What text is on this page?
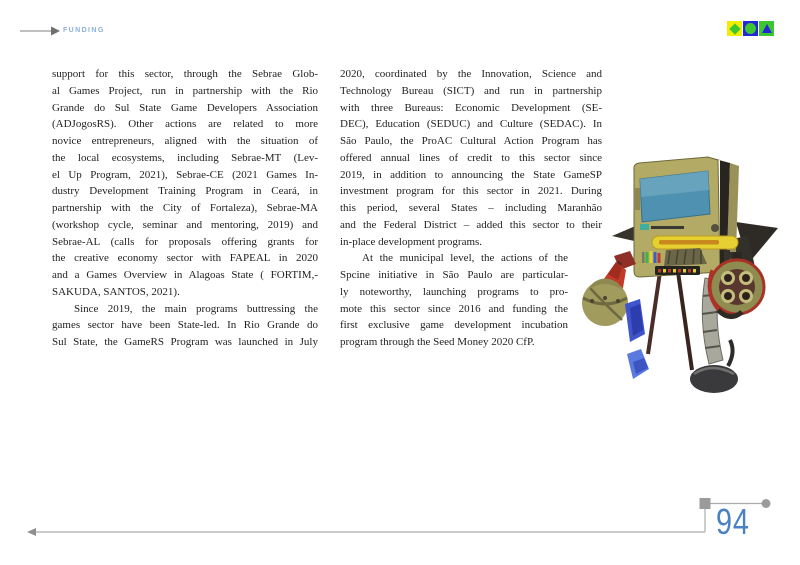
FUNDING
support for this sector, through the Sebrae Glob-
al Games Project, run in partnership with the Rio
Grande do Sul State Game Developers Association
(ADJogosRS). Other actions are related to more
novice entrepreneurs, aligned with the situation of
the local ecosystems, including Sebrae-MT (Lev-
el Up Program, 2021), Sebrae-CE (2021 Games In-
dustry Development Training Program in Ceará, in
partnership with the City of Fortaleza), Sebrae-MA
(workshop cycle, seminar and mentoring, 2019) and
Sebrae-AL (calls for proposals offering grants for
the creative economy sector with FAPEAL in 2020
and a Games Overview in Alagoas State ( FORTIM,-
SAKUDA, SANTOS, 2021).
Since 2019, the main programs buttressing the
games sector have been State-led. In Rio Grande do
Sul State, the GameRS Program was launched in July
2020, coordinated by the Innovation, Science and
Technology Bureau (SICT) and run in partnership
with three Bureaus: Economic Development (SE-
DEC), Education (SEDUC) and Culture (SEDAC). In
São Paulo, the ProAC Cultural Action Program has
offered annual lines of credit to this sector since
2019, in addition to announcing the State GameSP
investment program for this sector in 2021. During
this period, several States – including Maranhão
and the Federal District – added this sector to their
in-place development programs.
At the municipal level, the actions of the
Spcine initiative in São Paulo are particular-
ly noteworthy, launching programs to pro-
mote this sector since 2016 and funding the
first exclusive game development incubation
program through the Seed Money 2020 CfP.
94
